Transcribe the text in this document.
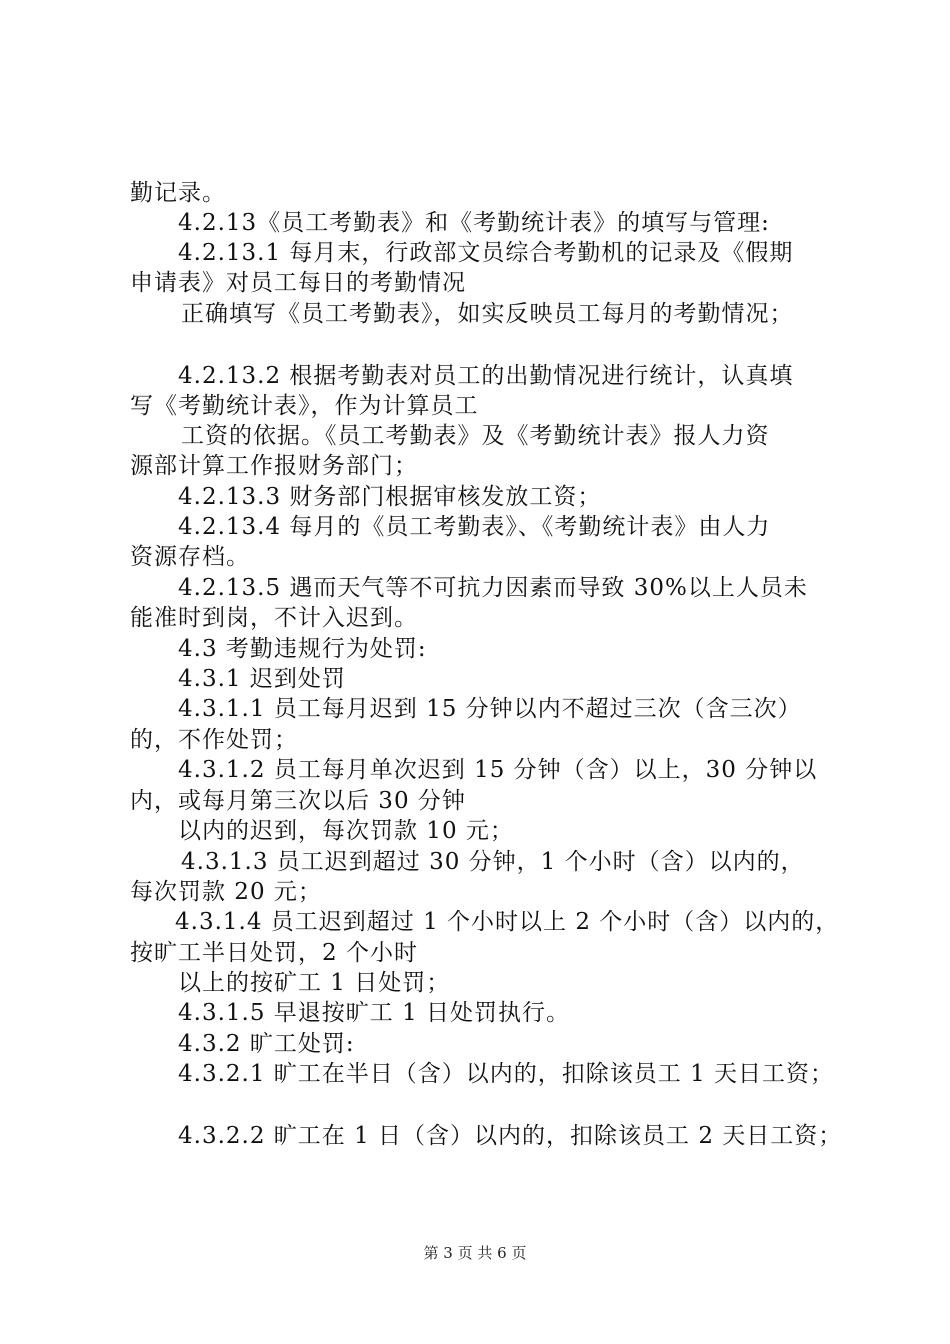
勤记录。
4.2.13《员工考勤表》和《考勤统计表》的填写与管理:
4.2.13.1 每月末，行政部文员综合考勤机的记录及《假期
申请表》对员工每日的考勤情况
正确填写《员工考勤表》，如实反映员工每月的考勤情况；
4.2.13.2 根据考勤表对员工的出勤情况进行统计，认真填
写《考勤统计表》，作为计算员工
工资的依据。《员工考勤表》及《考勤统计表》报人力资
源部计算工作报财务部门；
4.2.13.3 财务部门根据审核发放工资；
4.2.13.4 每月的《员工考勤表》、《考勤统计表》由人力
资源存档。
4.2.13.5 遇而天气等不可抗力因素而导致 30%以上人员未
能准时到岗，不计入迟到。
4.3 考勤违规行为处罚:
4.3.1 迟到处罚
4.3.1.1 员工每月迟到 15 分钟以内不超过三次（含三次）
的，不作处罚；
4.3.1.2 员工每月单次迟到 15 分钟（含）以上，30 分钟以
内，或每月第三次以后 30 分钟
以内的迟到，每次罚款 10 元；
4.3.1.3 员工迟到超过 30 分钟，1 个小时（含）以内的，
每次罚款 20 元；
4.3.1.4 员工迟到超过 1 个小时以上 2 个小时（含）以内的，
按旷工半日处罚，2 个小时
以上的按矿工 1 日处罚；
4.3.1.5 早退按旷工 1 日处罚执行。
4.3.2 旷工处罚:
4.3.2.1 旷工在半日（含）以内的，扣除该员工 1 天日工资；
4.3.2.2 旷工在 1 日（含）以内的，扣除该员工 2 天日工资；
第 3 页 共 6 页
